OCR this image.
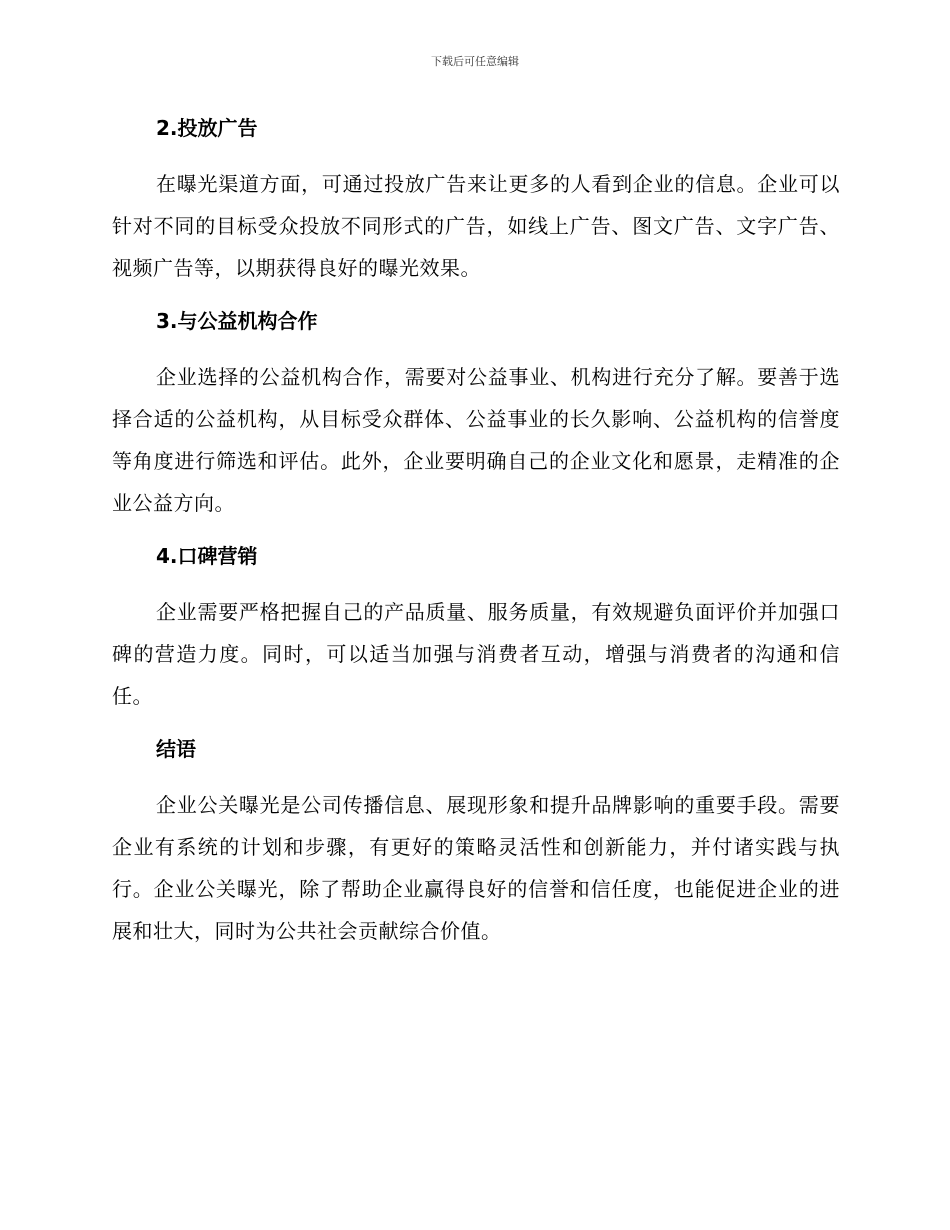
下载后可任意编辑
2.投放广告

在曝光渠道方面，可通过投放广告来让更多的人看到企业的信息。企业可以针对不同的目标受众投放不同形式的广告，如线上广告、图文广告、文字广告、视频广告等，以期获得良好的曝光效果。

3.与公益机构合作

企业选择的公益机构合作，需要对公益事业、机构进行充分了解。要善于选择合适的公益机构，从目标受众群体、公益事业的长久影响、公益机构的信誉度等角度进行筛选和评估。此外，企业要明确自己的企业文化和愿景，走精准的企业公益方向。

4.口碑营销

企业需要严格把握自己的产品质量、服务质量，有效规避负面评价并加强口碑的营造力度。同时，可以适当加强与消费者互动，增强与消费者的沟通和信任。

结语

企业公关曝光是公司传播信息、展现形象和提升品牌影响的重要手段。需要企业有系统的计划和步骤，有更好的策略灵活性和创新能力，并付诸实践与执行。企业公关曝光，除了帮助企业赢得良好的信誉和信任度，也能促进企业的进展和壮大，同时为公共社会贡献综合价值。
